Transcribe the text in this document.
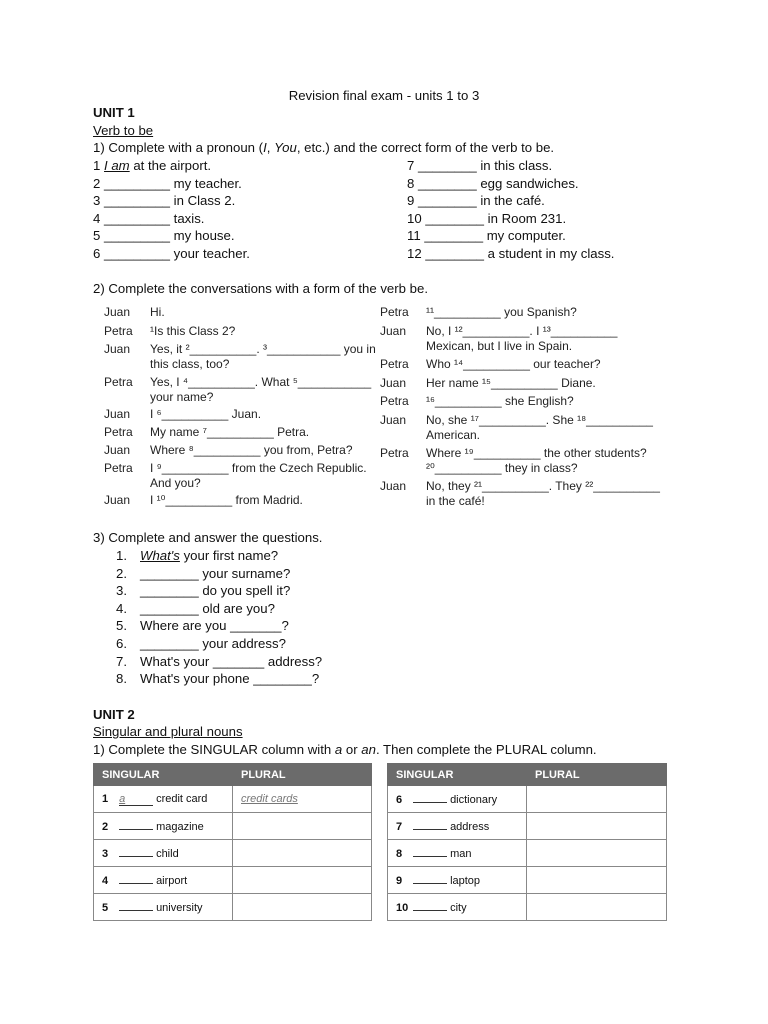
Revision final exam - units 1 to 3
UNIT 1
Verb to be
1) Complete with a pronoun (I, You, etc.) and the correct form of the verb to be.
1 I am at the airport.
2 _________ my teacher.
3 _________ in Class 2.
4 _________ taxis.
5 _________ my house.
6 _________ your teacher.
7 ________ in this class.
8 ________ egg sandwiches.
9 ________ in the café.
10 ________ in Room 231.
11 ________ my computer.
12 ________ a student in my class.
2) Complete the conversations with a form of the verb be.
Juan	Hi.
Petra	¹Is this Class 2?
Juan	Yes, it ²__________. ³___________ you in this class, too?
Petra	Yes, I ⁴__________. What ⁵___________ your name?
Juan	I ⁶__________ Juan.
Petra	My name ⁷__________ Petra.
Juan	Where ⁸__________ you from, Petra?
Petra	I ⁹__________ from the Czech Republic. And you?
Juan	I ¹⁰__________ from Madrid.
Petra	¹¹__________ you Spanish?
Juan	No, I ¹²__________. I ¹³__________ Mexican, but I live in Spain.
Petra	Who ¹⁴__________ our teacher?
Juan	Her name ¹⁵__________ Diane.
Petra	¹⁶__________ she English?
Juan	No, she ¹⁷__________. She ¹⁸__________ American.
Petra	Where ¹⁹__________ the other students? ²⁰__________ they in class?
Juan	No, they ²¹__________. They ²²__________ in the café!
3) Complete and answer the questions.
1. What's your first name?
2. ________ your surname?
3. ________ do you spell it?
4. ________ old are you?
5. Where are you _______?
6. ________ your address?
7. What's your _______ address?
8. What's your phone ________?
UNIT 2
Singular and plural nouns
1) Complete the SINGULAR column with a or an. Then complete the PLURAL column.
SINGULAR	PLURAL
1 a credit card	credit cards
2 magazine	
3 child	
4 airport	
5 university	
SINGULAR	PLURAL
6 dictionary	
7 address	
8 man	
9 laptop	
10 city	
